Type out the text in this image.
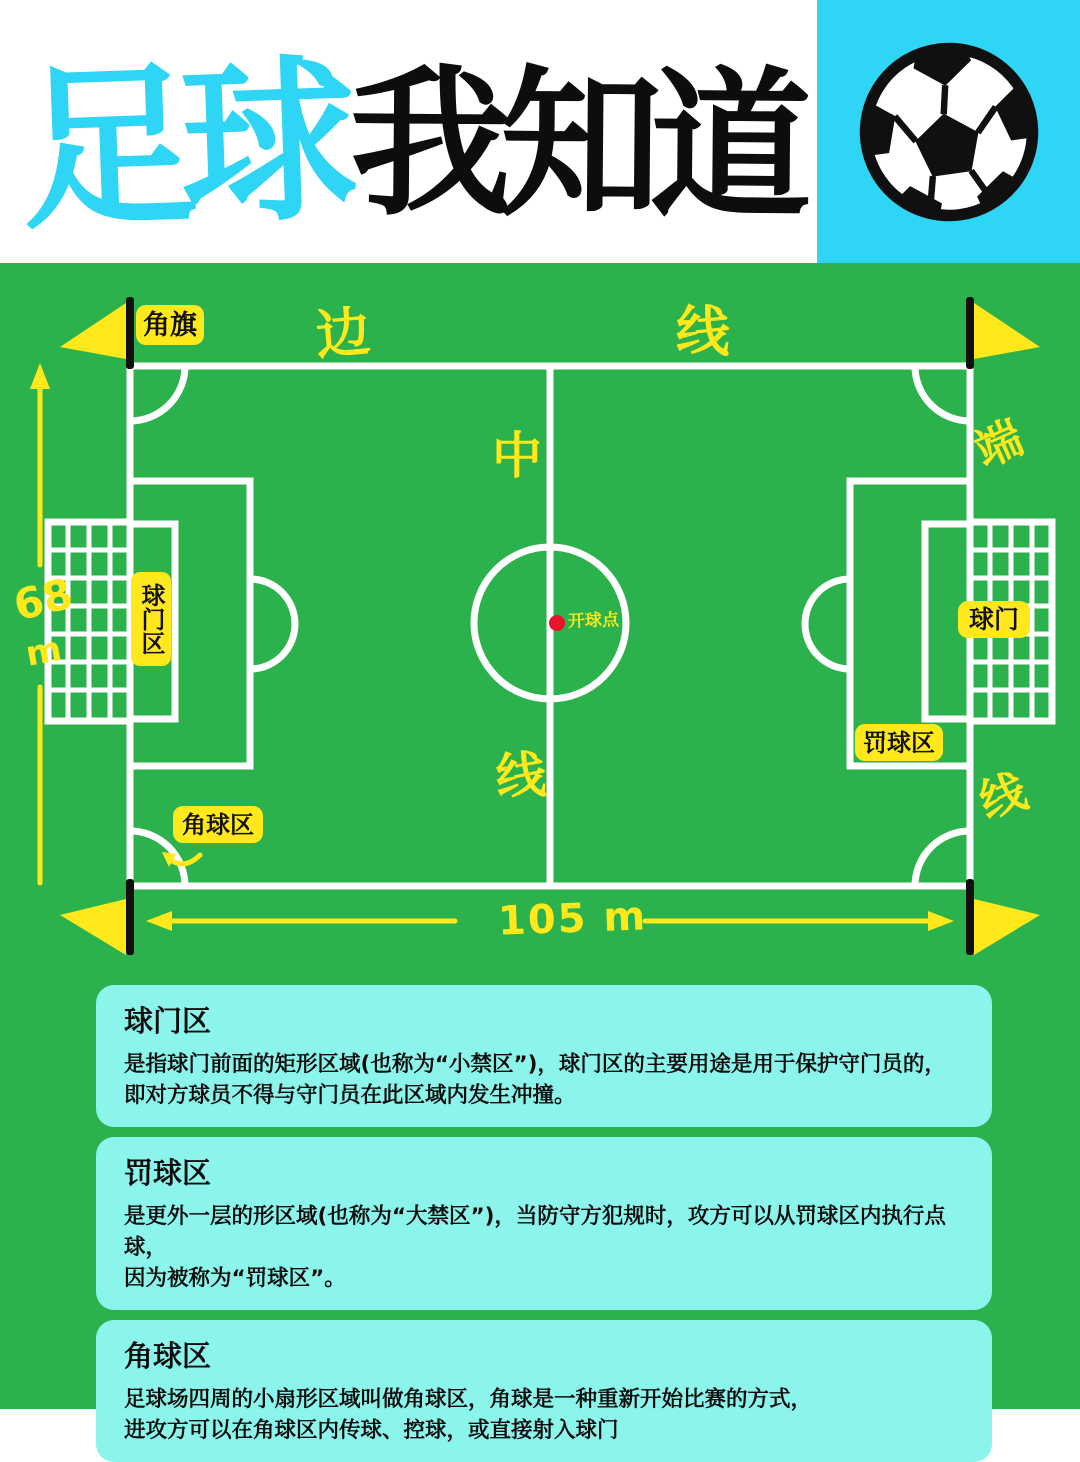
足球 我知道
边	线
中
线
端
线
68
m
105 m
开球点
角旗
球门区	球门
罚球区
角球区
球门区

是指球门前面的矩形区域(也称为“小禁区”)，球门区的主要用途是用于保护守门员的，

即对方球员不得与守门员在此区域内发生冲撞。

罚球区

是更外一层的形区域(也称为“大禁区”)，当防守方犯规时，攻方可以从罚球区内执行点球，

因为被称为“罚球区”。

角球区

足球场四周的小扇形区域叫做角球区，角球是一种重新开始比赛的方式，

进攻方可以在角球区内传球、控球，或直接射入球门
